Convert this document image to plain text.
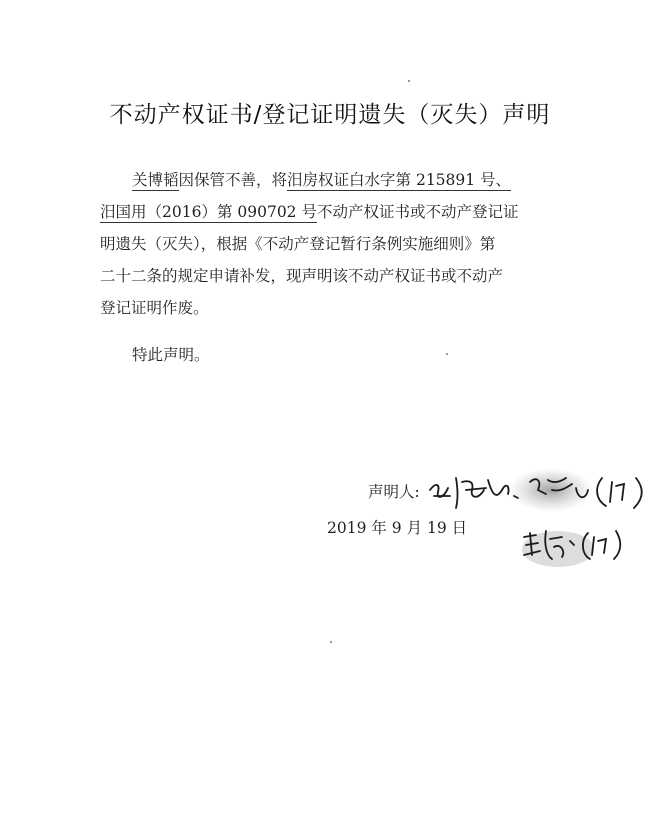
不动产权证书/登记证明遗失（灭失）声明
关博韬因保管不善，将汨房权证白水字第 215891 号、
汨国用（2016）第 090702 号不动产权证书或不动产登记证
明遗失（灭失），根据《不动产登记暂行条例实施细则》第
二十二条的规定申请补发，现声明该不动产权证书或不动产
登记证明作废。
特此声明。
声明人:
2019 年 9 月 19 日
